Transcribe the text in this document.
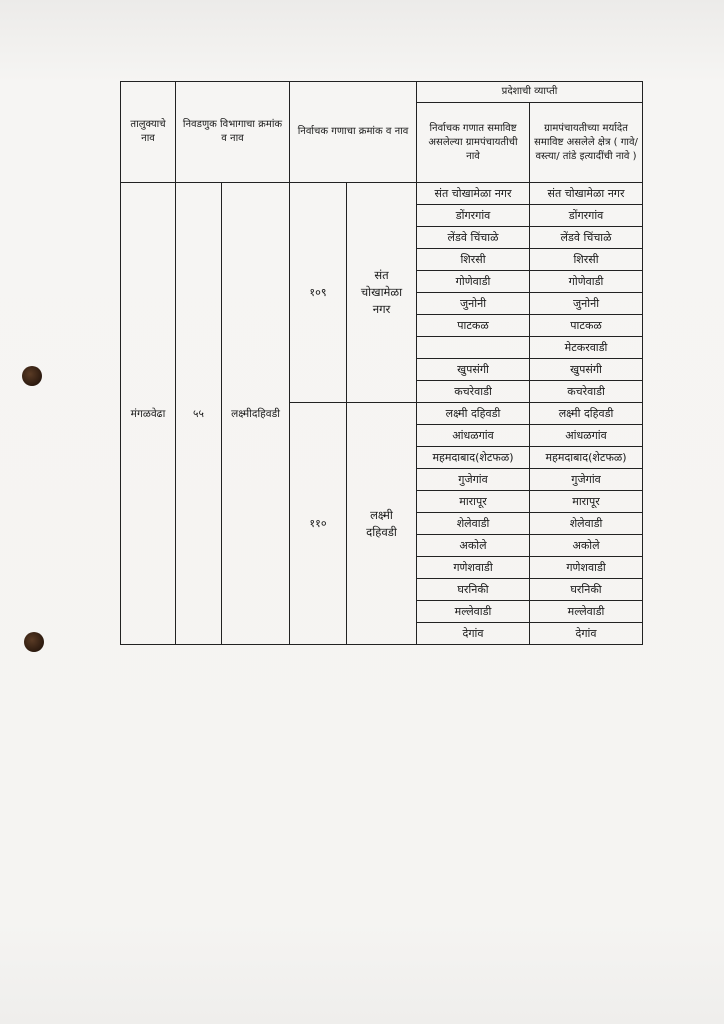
तालुक्याचे नाव	निवडणुक विभागाचा क्रमांक व नाव		निर्वाचक गणाचा क्रमांक व नाव		प्रदेशाची व्याप्ती	
					निर्वाचक गणात समाविष्ट असलेल्या ग्रामपंचायतीची नावे	ग्रामपंचायतीच्या मर्यादेत समाविष्ट असलेले क्षेत्र ( गावे/वस्त्या/ तांडे इत्यादींची नावे )
मंगळवेढा	५५	लक्ष्मीदहिवडी	१०९	संत चोखामेळा नगर	संत चोखामेळा नगर	संत चोखामेळा नगर
					डोंगरगांव	डोंगरगांव
					लेंडवे चिंचाळे	लेंडवे चिंचाळे
					शिरसी	शिरसी
					गोणेवाडी	गोणेवाडी
					जुनोनी	जुनोनी
					पाटकळ	पाटकळ
						मेटकरवाडी
					खुपसंगी	खुपसंगी
					कचरेवाडी	कचरेवाडी
			११०	लक्ष्मी दहिवडी	लक्ष्मी दहिवडी	लक्ष्मी दहिवडी
					आंधळगांव	आंधळगांव
					महमदाबाद(शेटफळ)	महमदाबाद(शेटफळ)
					गुजेगांव	गुजेगांव
					मारापूर	मारापूर
					शेलेवाडी	शेलेवाडी
					अकोले	अकोले
					गणेशवाडी	गणेशवाडी
					घरनिकी	घरनिकी
					मल्लेवाडी	मल्लेवाडी
					देगांव	देगांव
